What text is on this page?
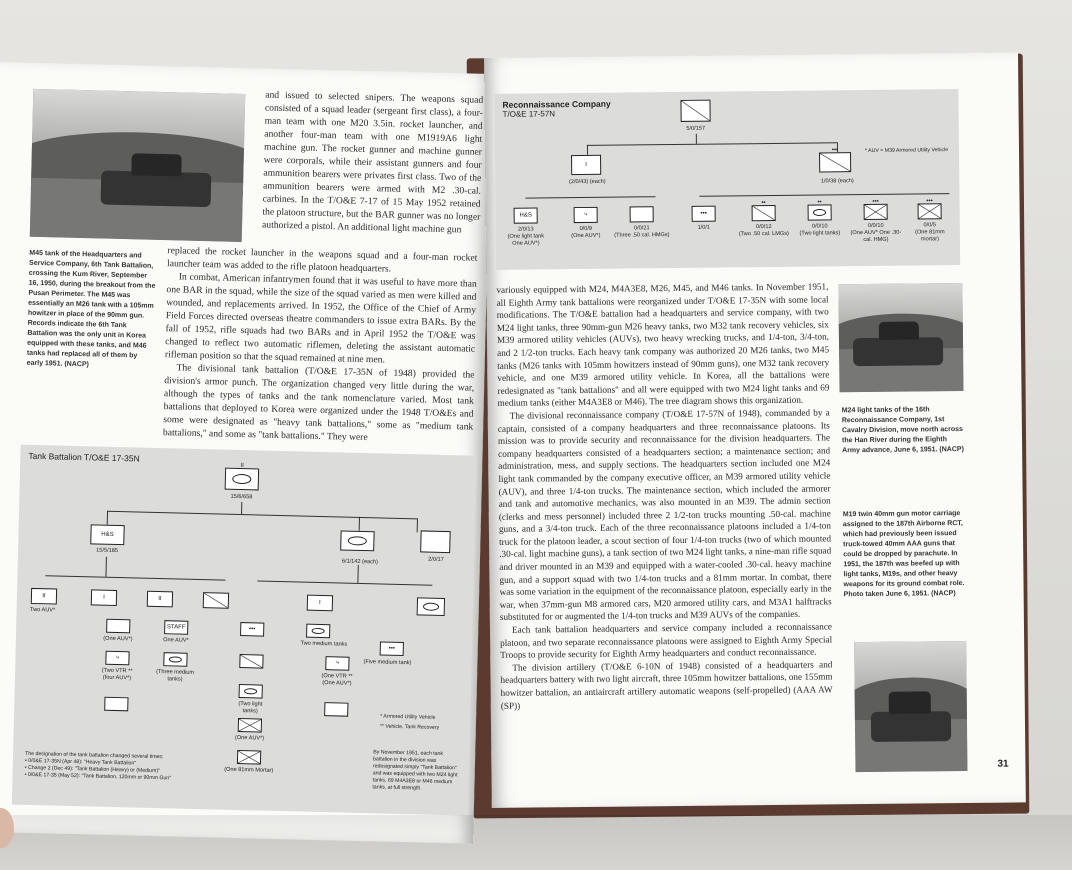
M45 tank of the Headquarters and Service Company, 6th Tank Battalion, crossing the Kum River, September 16, 1950, during the breakout from the Pusan Perimeter. The M45 was essentially an M26 tank with a 105mm howitzer in place of the 90mm gun. Records indicate the 6th Tank Battalion was the only unit in Korea equipped with these tanks, and M46 tanks had replaced all of them by early 1951. (NACP)

and issued to selected snipers. The weapons squad consisted of a squad leader (sergeant first class), a four-man team with one M20 3.5in. rocket launcher, and another four-man team with one M1919A6 light machine gun. The rocket gunner and machine gunner were corporals, while their assistant gunners and four ammunition bearers were privates first class. Two of the ammunition bearers were armed with M2 .30-cal. carbines. In the T/O&E 7-17 of 15 May 1952 retained the platoon structure, but the BAR gunner was no longer authorized a pistol. An additional light machine gun

replaced the rocket launcher in the weapons squad and a four-man rocket launcher team was added to the rifle platoon headquarters.

In combat, American infantrymen found that it was useful to have more than one BAR in the squad, while the size of the squad varied as men were killed and wounded, and replacements arrived. In 1952, the Office of the Chief of Army Field Forces directed overseas theatre commanders to issue extra BARs. By the fall of 1952, rifle squads had two BARs and in April 1952 the T/O&E was changed to reflect two automatic riflemen, deleting the assistant automatic rifleman position so that the squad remained at nine men.

The divisional tank battalion (T/O&E 17-35N of 1948) provided the division's armor punch. The organization changed very little during the war, although the types of tanks and the tank nomenclature varied. Most tank battalions that deployed to Korea were organized under the 1948 T/O&Es and some were designated as "heavy tank battalions," some as "medium tank battalions," and some as "tank battalions." They were

Tank Battalion T/O&E 17-35N
II
15/6/658
H&S
15/5/185
6/1/142 (each)	2/0/17
II
Two AUV*
I	II
(One AUV*)
⤷
(Two VTR ** (four AUV*)
STAFF
One AUV*
(Three medium tanks)
•••
(Two light tanks)
(One AUV*)
(One 81mm Mortar)
I
Two medium tanks
⤷
(One VTR ** (One AUV*)
•••
(Five medium tank)
* Armored Utility Vehicle
** Vehicle, Tank Recovery
The designation of the tank battalion changed several times:
• 0/0&E 17-35N (Apr 48): "Heavy Tank Battalion"
• Change 2 (Dec 49): "Tank Battalion (Heavy) or (Medium)"
• 0/0&E 17-35 (May 52): "Tank Battalion, 120mm or 90mm Gun"
By November 1951, each tank battalion in the division was redesignated simply "Tank Battalion" and was equipped with two M24 light tanks, 69 M4A3E8 or M46 medium tanks, at full strength.
Reconnaissance Company
T/O&E 17-57N
5/0/157
* AUV = M39 Armored Utility Vehicle
I
(2/0/43) (each)
•••
1/0/38 (each)
H&S
2/0/13
(One light tank One AUV*)
⤷
0/0/9
(One AUV*)
0/0/21
(Three .50 cal. HMGs)
•••
1/0/1
••
0/0/12
(Two .50 cal. LMGs)
••
0/0/10
(Two light tanks)
•••
0/0/10
(One AUV* One .30-cal. HMG)
•••
0/0/5
(One 81mm mortar)

variously equipped with M24, M4A3E8, M26, M45, and M46 tanks. In November 1951, all Eighth Army tank battalions were reorganized under T/O&E 17-35N with some local modifications. The T/O&E battalion had a headquarters and service company, with two M24 light tanks, three 90mm-gun M26 heavy tanks, two M32 tank recovery vehicles, six M39 armored utility vehicles (AUVs), two heavy wrecking trucks, and 1/4-ton, 3/4-ton, and 2 1/2-ton trucks. Each heavy tank company was authorized 20 M26 tanks, two M45 tanks (M26 tanks with 105mm howitzers instead of 90mm guns), one M32 tank recovery vehicle, and one M39 armored utility vehicle. In Korea, all the battalions were redesignated as "tank battalions" and all were equipped with two M24 light tanks and 69 medium tanks (either M4A3E8 or M46). The tree diagram shows this organization.

The divisional reconnaissance company (T/O&E 17-57N of 1948), commanded by a captain, consisted of a company headquarters and three reconnaissance platoons. Its mission was to provide security and reconnaissance for the division headquarters. The company headquarters consisted of a headquarters section; a maintenance section; and administration, mess, and supply sections. The headquarters section included one M24 light tank commanded by the company executive officer, an M39 armored utility vehicle (AUV), and three 1/4-ton trucks. The maintenance section, which included the armorer and tank and automotive mechanics, was also mounted in an M39. The admin section (clerks and mess personnel) included three 2 1/2-ton trucks mounting .50-cal. machine guns, and a 3/4-ton truck. Each of the three reconnaissance platoons included a 1/4-ton truck for the platoon leader, a scout section of four 1/4-ton trucks (two of which mounted .30-cal. light machine guns), a tank section of two M24 light tanks, a nine-man rifle squad and driver mounted in an M39 and equipped with a water-cooled .30-cal. heavy machine gun, and a support squad with two 1/4-ton trucks and a 81mm mortar. In combat, there was some variation in the equipment of the reconnaissance platoon, especially early in the war, when 37mm-gun M8 armored cars, M20 armored utility cars, and M3A1 halftracks substituted for or augmented the 1/4-ton trucks and M39 AUVs of the companies.

Each tank battalion headquarters and service company included a reconnaissance platoon, and two separate reconnaissance platoons were assigned to Eighth Army Special Troops to provide security for Eighth Army headquarters and conduct reconnaissance.

The division artillery (T/O&E 6-10N of 1948) consisted of a headquarters and headquarters battery with two light aircraft, three 105mm howitzer battalions, one 155mm howitzer battalion, an antiaircraft artillery automatic weapons (self-propelled) (AAA AW (SP))

M24 light tanks of the 16th Reconnaissance Company, 1st Cavalry Division, move north across the Han River during the Eighth Army advance, June 6, 1951. (NACP)
M19 twin 40mm gun motor carriage assigned to the 187th Airborne RCT, which had previously been issued truck-towed 40mm AAA guns that could be dropped by parachute. In 1951, the 187th was beefed up with light tanks, M19s, and other heavy weapons for its ground combat role. Photo taken June 6, 1951. (NACP)
31
